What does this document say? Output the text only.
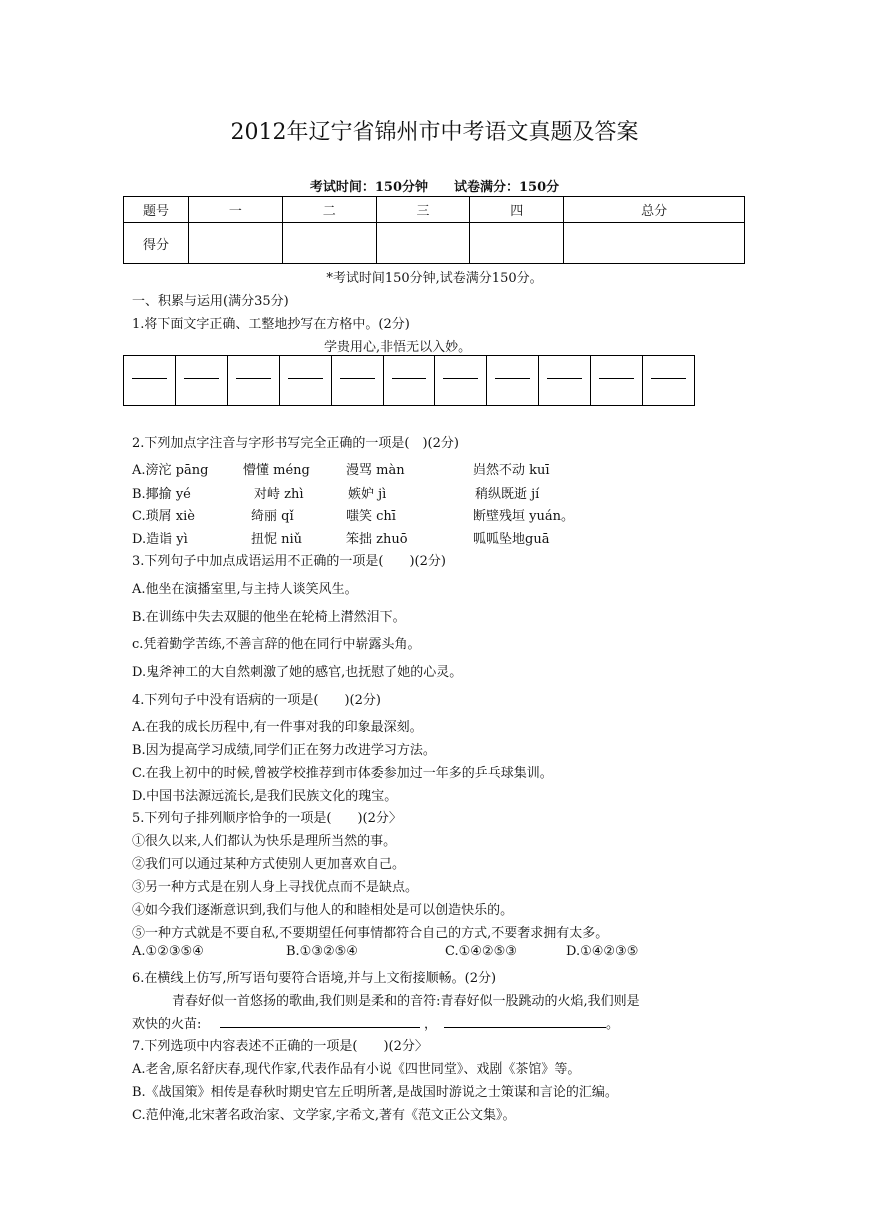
2012年辽宁省锦州市中考语文真题及答案
考试时间：150分钟　　试卷满分：150分
题号	一	二	三	四	总分
得分					
*考试时间150分钟,试卷满分150分。
一、积累与运用(满分35分)
1.将下面文字正确、工整地抄写在方格中。(2分)
学贵用心,非悟无以入妙。
2.下列加点字注音与字形书写完全正确的一项是(　)(2分)
A.滂沱 pāng	懵懂 méng	漫骂 màn	岿然不动 kuī
B.揶揄 yé	对峙 zhì	嫉妒 jì	稍纵既逝 jí
C.琐屑 xiè	绮丽 qǐ	嗤笑 chī	断壁残垣 yuán。
D.造诣 yì	扭怩 niǔ	笨拙 zhuō	呱呱坠地guā
3.下列句子中加点成语运用不正确的一项是(　　)(2分)
A.他坐在演播室里,与主持人谈笑风生。
B.在训练中失去双腿的他坐在轮椅上潸然泪下。
c.凭着勤学苦练,不善言辞的他在同行中崭露头角。
D.鬼斧神工的大自然刺激了她的感官,也抚慰了她的心灵。
4.下列句子中没有语病的一项是(　　)(2分)
A.在我的成长历程中,有一件事对我的印象最深刻。
B.因为提高学习成绩,同学们正在努力改进学习方法。
C.在我上初中的时候,曾被学校推荐到市体委参加过一年多的乒乓球集训。
D.中国书法源远流长,是我们民族文化的瑰宝。
5.下列句子排列顺序恰争的一项是(　　)(2分〉
①很久以来,人们都认为快乐是理所当然的事。
②我们可以通过某种方式使别人更加喜欢自己。
③另一种方式是在别人身上寻找优点而不是缺点。
④如今我们逐渐意识到,我们与他人的和睦相处是可以创造快乐的。
⑤一种方式就是不要自私,不要期望任何事情都符合自己的方式,不要奢求拥有太多。
A.①②③⑤④	B.①③②⑤④	C.①④②⑤③	D.①④②③⑤
6.在横线上仿写,所写语句要符合语境,并与上文衔接顺畅。(2分)
青春好似一首悠扬的歌曲,我们则是柔和的音符:青春好似一股跳动的火焰,我们则是
欢快的火苗:	，	。
7.下列选项中内容表述不正确的一项是(　　)(2分〉
A.老舍,原名舒庆春,现代作家,代表作品有小说《四世同堂》、戏剧《茶馆》等。
B.《战国策》相传是春秋时期史官左丘明所著,是战国时游说之士策谋和言论的汇编。
C.范仲淹,北宋著名政治家、文学家,字希文,著有《范文正公文集》。
